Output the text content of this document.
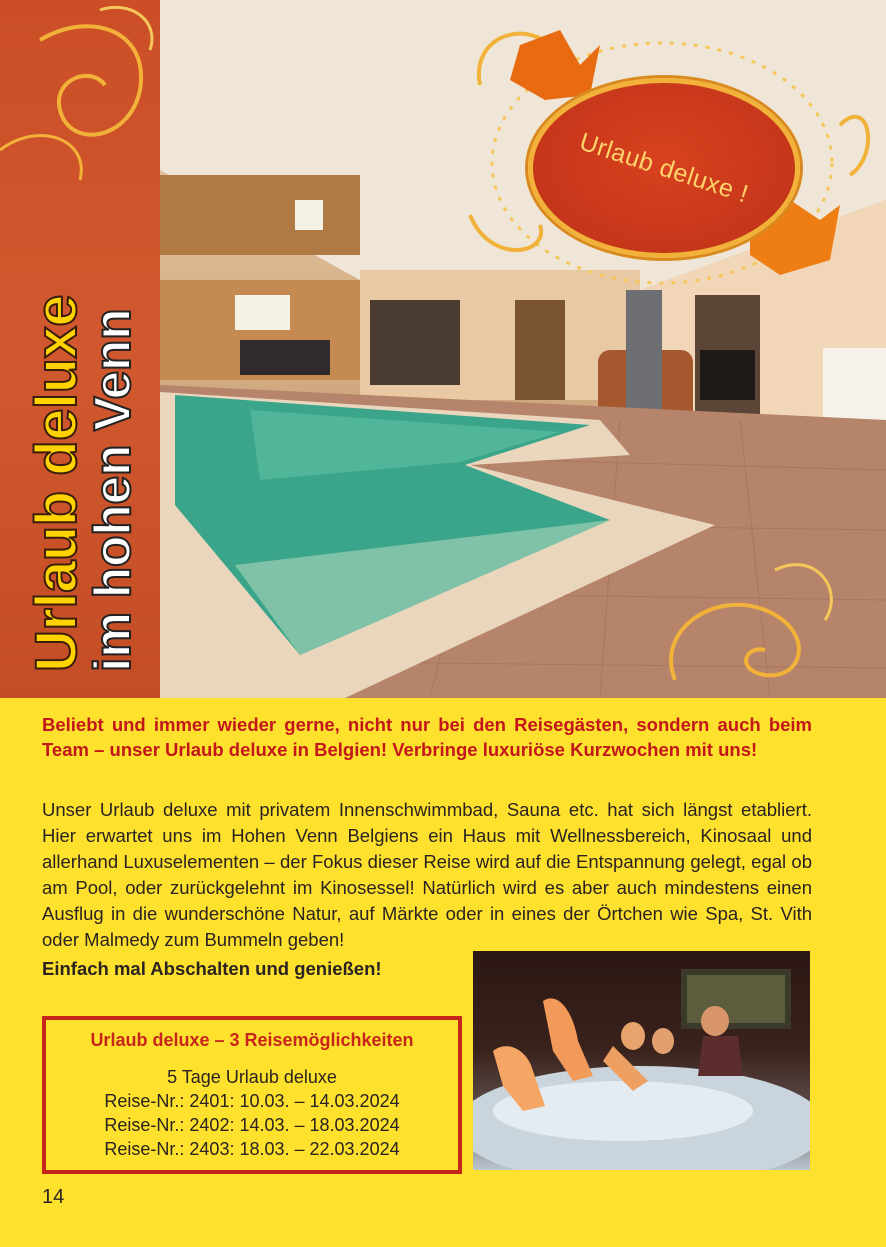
Urlaub deluxe
im hohen Venn
Urlaub deluxe !
Beliebt und immer wieder gerne, nicht nur bei den Reisegästen, sondern auch beim Team – unser Urlaub deluxe in Belgien! Verbringe luxuriöse Kurzwochen mit uns!
Unser Urlaub deluxe mit privatem Innenschwimmbad, Sauna etc. hat sich längst etabliert. Hier erwartet uns im Hohen Venn Belgiens ein Haus mit Wellnessbereich, Kinosaal und allerhand Luxuselementen – der Fokus dieser Reise wird auf die Entspannung gelegt, egal ob am Pool, oder zurückgelehnt im Kinosessel! Natürlich wird es aber auch mindestens einen Ausflug in die wunderschöne Natur, auf Märkte oder in eines der Örtchen wie Spa, St. Vith oder Malmedy zum Bummeln geben!
Einfach mal Abschalten und genießen!
Urlaub deluxe – 3 Reisemöglichkeiten
5 Tage Urlaub deluxe
Reise-Nr.: 2401: 10.03. – 14.03.2024
Reise-Nr.: 2402: 14.03. – 18.03.2024
Reise-Nr.: 2403: 18.03. – 22.03.2024
14
